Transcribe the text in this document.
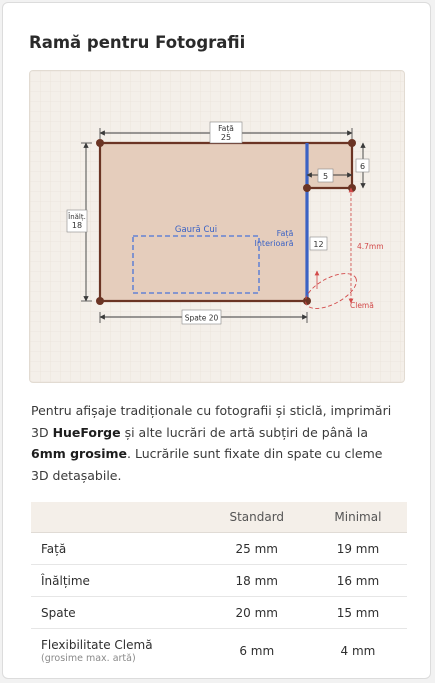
Ramă pentru Fotografii
Gaură Cui	Față
Interioară 12
Față
25
Înălț.
18
Spate 20
6
5
4.7mm
Clemă

Pentru afișaje tradiționale cu fotografii și sticlă, imprimări 3D HueForge și alte lucrări de artă subțiri de până la 6mm grosime. Lucrările sunt fixate din spate cu cleme 3D detașabile.

	Standard	Minimal
Față	25 mm	19 mm
Înălțime	18 mm	16 mm
Spate	20 mm	15 mm
Flexibilitate Clemă
(grosime max. artă)	6 mm	4 mm
